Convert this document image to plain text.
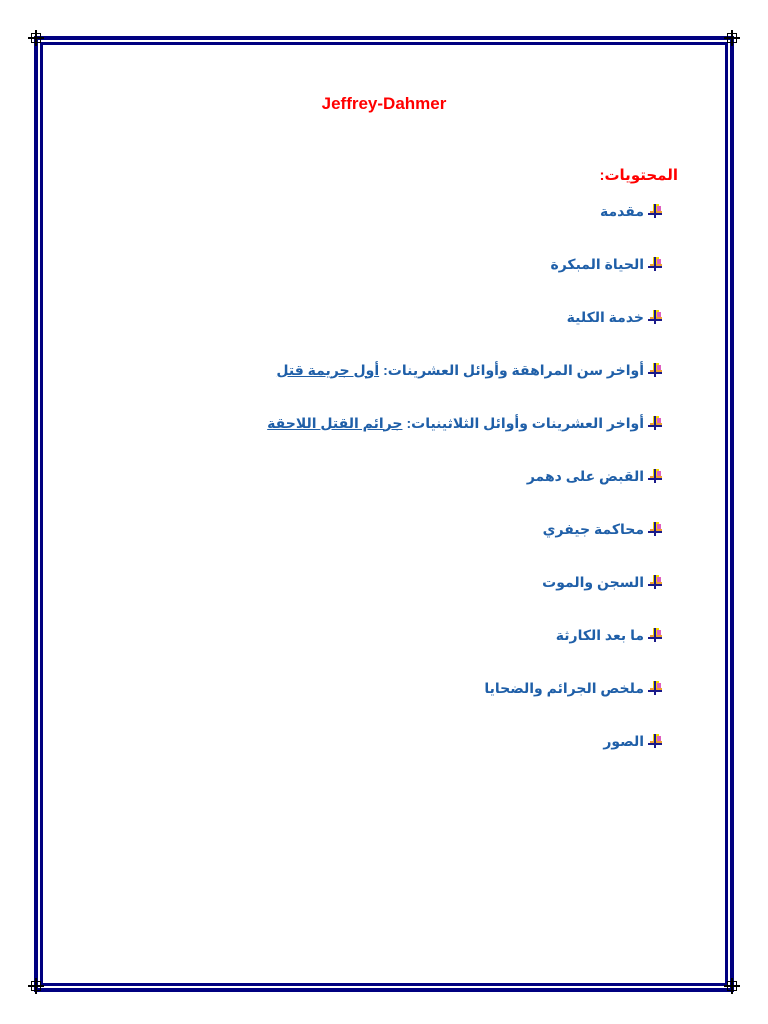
Jeffrey-Dahmer
المحتويات:
مقدمة
الحياة المبكرة
خدمة الكلية
أواخر سن المراهقة وأوائل العشرينات:
أول جريمة قتل
أواخر العشرينات وأوائل الثلاثينيات:
جرائم القتل اللاحقة
القبض على دهمر
محاكمة جيفري
السجن والموت
ما بعد الكارثة
ملخص الجرائم والضحايا
الصور
